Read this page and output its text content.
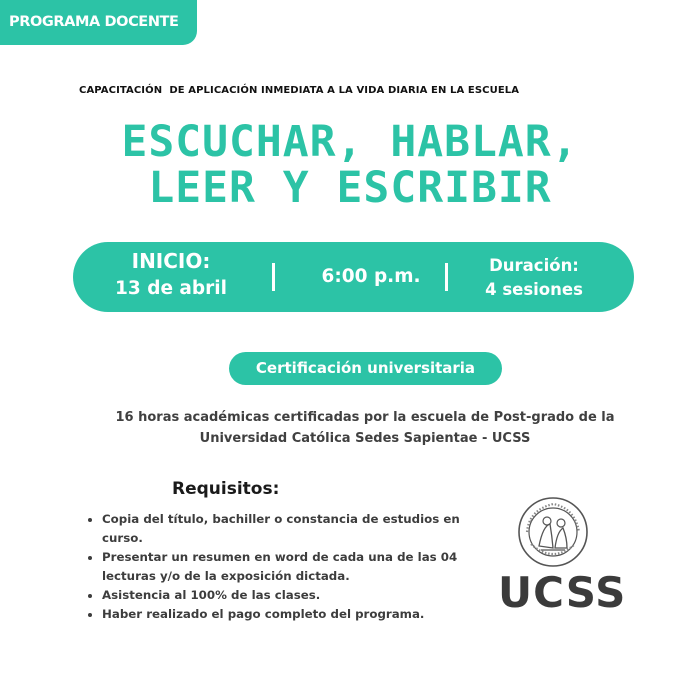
PROGRAMA DOCENTE
CAPACITACIÓN  DE APLICACIÓN INMEDIATA A LA VIDA DIARIA EN LA ESCUELA
ESCUCHAR, HABLAR,
LEER Y ESCRIBIR
INICIO:
13 de abril
6:00 p.m.
Duración:
4 sesiones
Certificación universitaria
16 horas académicas certificadas por la escuela de Post-grado de la
Universidad Católica Sedes Sapientae - UCSS
Requisitos:
• Copia del título, bachiller o constancia de estudios en curso.
• Presentar un resumen en word de cada una de las 04 lecturas y/o de la exposición dictada.
• Asistencia al 100% de las clases.
• Haber realizado el pago completo del programa.	UCSS
